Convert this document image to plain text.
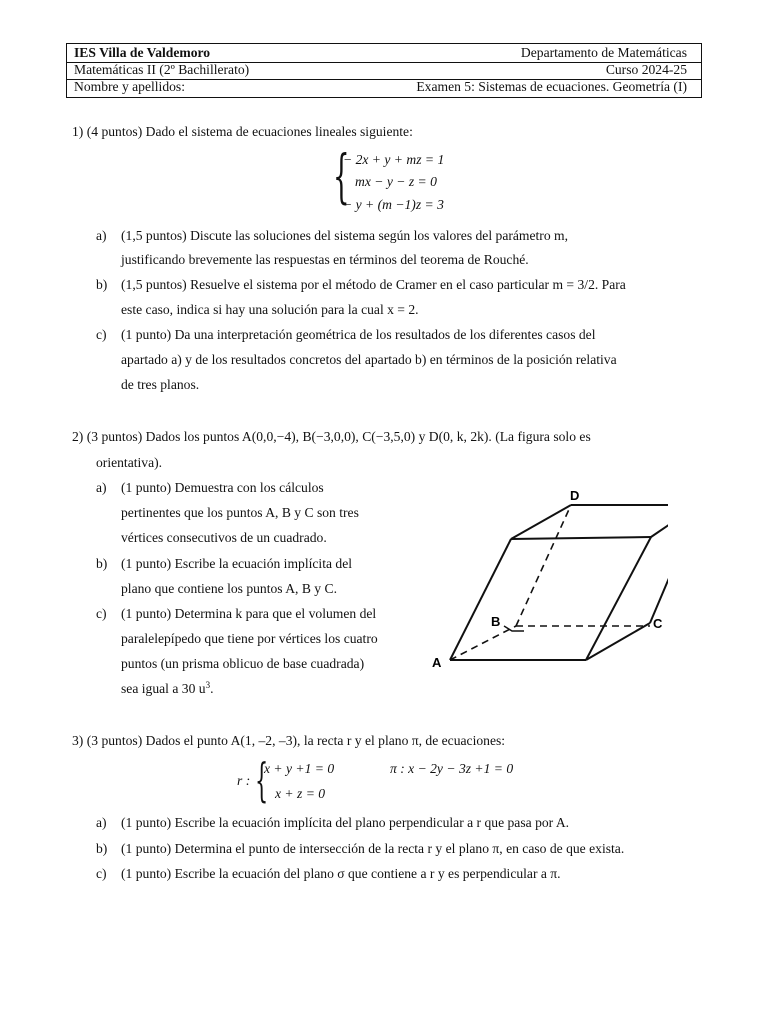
IES Villa de Valdemoro	Departamento de Matemáticas
Matemáticas II (2º Bachillerato)	Curso 2024-25
Nombre y apellidos:	Examen 5: Sistemas de ecuaciones. Geometría (I)
1) (4 puntos) Dado el sistema de ecuaciones lineales siguiente:
{
− 2x + y + mz = 1
mx − y − z = 0
− y + (m −1)z = 3
a) (1,5 puntos) Discute las soluciones del sistema según los valores del parámetro m,
justificando brevemente las respuestas en términos del teorema de Rouché.
b) (1,5 puntos) Resuelve el sistema por el método de Cramer en el caso particular m = 3/2. Para
este caso, indica si hay una solución para la cual x = 2.
c) (1 punto) Da una interpretación geométrica de los resultados de los diferentes casos del
apartado a) y de los resultados concretos del apartado b) en términos de la posición relativa
de tres planos.
2) (3 puntos) Dados los puntos A(0,0,−4), B(−3,0,0), C(−3,5,0) y D(0, k, 2k). (La figura solo es
orientativa).
a) (1 punto) Demuestra con los cálculos
pertinentes que los puntos A, B y C son tres
vértices consecutivos de un cuadrado.
b) (1 punto) Escribe la ecuación implícita del
plano que contiene los puntos A, B y C.
c) (1 punto) Determina k para que el volumen del
paralelepípedo que tiene por vértices los cuatro
puntos (un prisma oblicuo de base cuadrada)
sea igual a 30 $u^3$.
A
B	C
D
3) (3 puntos) Dados el punto A(1, –2, –3), la recta r y el plano π, de ecuaciones:
r : {
x + y +1 = 0
x + z = 0
π : x − 2y − 3z +1 = 0
a) (1 punto) Escribe la ecuación implícita del plano perpendicular a r que pasa por A.
b) (1 punto) Determina el punto de intersección de la recta r y el plano π, en caso de que exista.
c) (1 punto) Escribe la ecuación del plano σ que contiene a r y es perpendicular a π.
